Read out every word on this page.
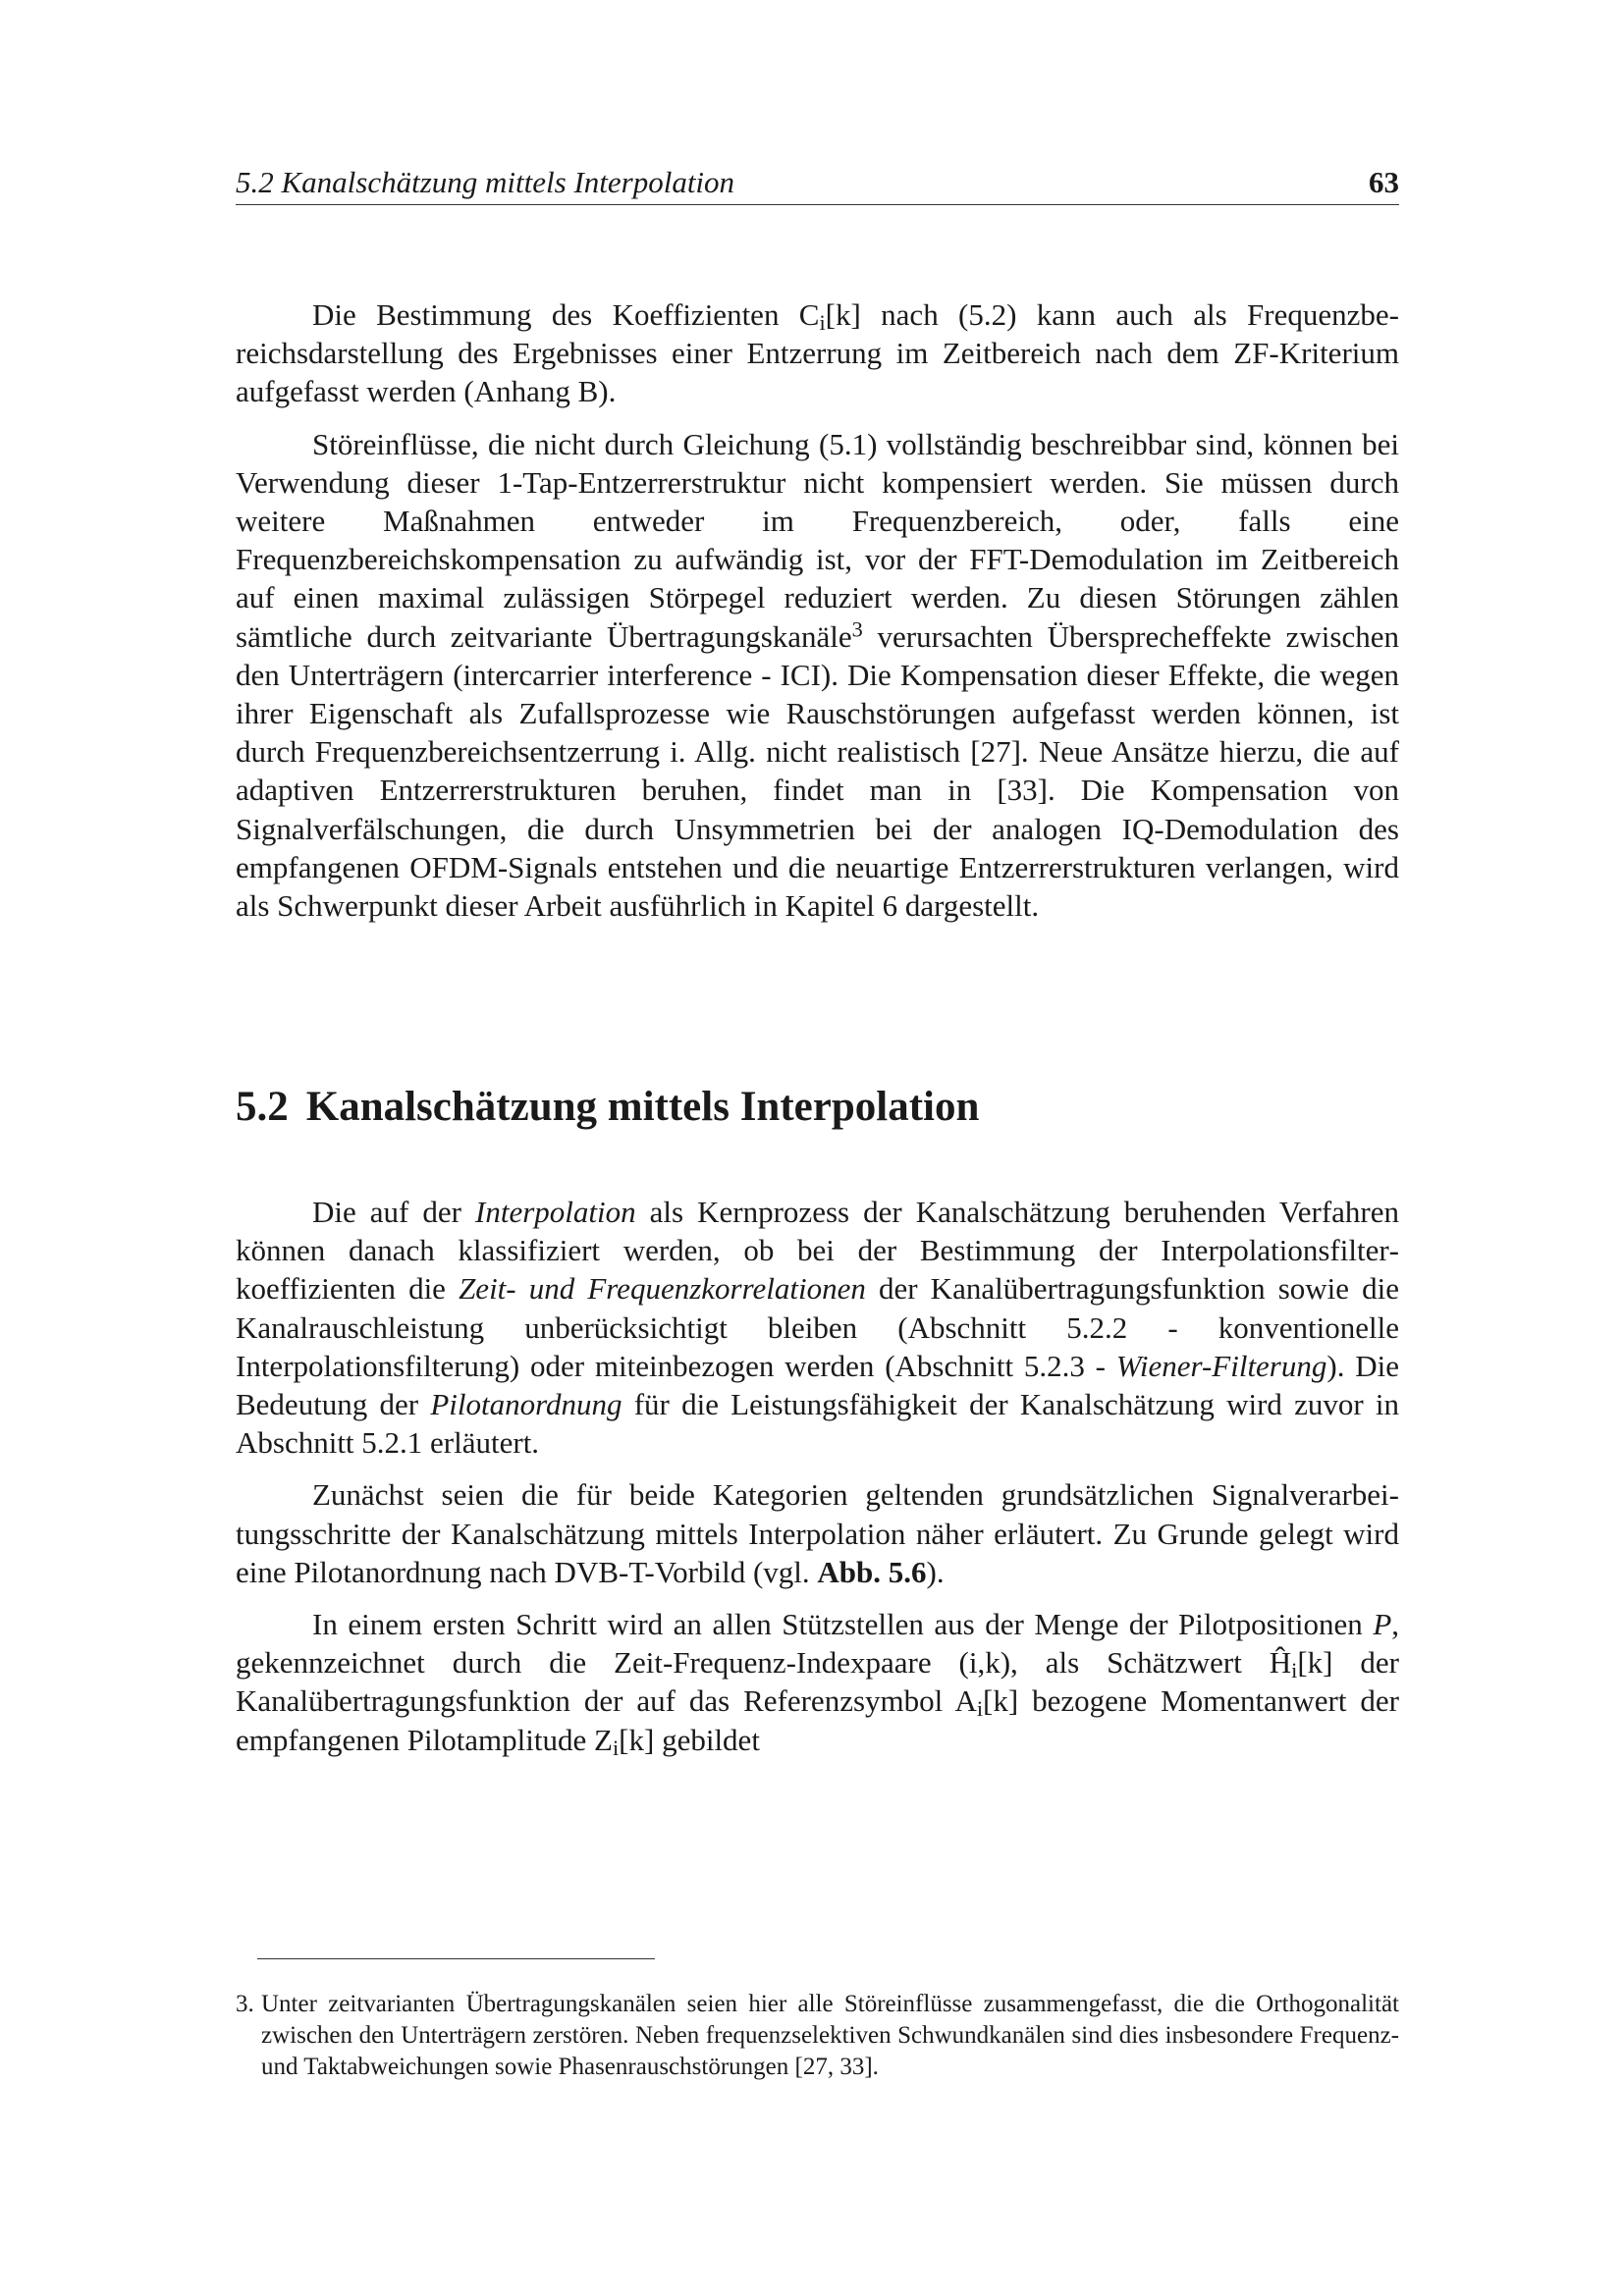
5.2 Kanalschätzung mittels Interpolation	63

Die Bestimmung des Koeffizienten $C_i[k]$ nach (5.2) kann auch als Frequenzbereichsdarstellung des Ergebnisses einer Entzerrung im Zeitbereich nach dem ZF-Kriterium aufgefasst werden (Anhang B).

Störeinflüsse, die nicht durch Gleichung (5.1) vollständig beschreibbar sind, können bei Verwendung dieser 1-Tap-Entzerrerstruktur nicht kompensiert werden. Sie müssen durch weitere Maßnahmen entweder im Frequenzbereich, oder, falls eine Frequenzbereichskompensation zu aufwändig ist, vor der FFT-Demodulation im Zeitbereich auf einen maximal zulässigen Störpegel reduziert werden. Zu diesen Störungen zählen sämtliche durch zeitvariante Übertragungskanäle$^3$ verursachten Übersprecheffekte zwischen den Unterträgern (intercarrier interference - ICI). Die Kompensation dieser Effekte, die wegen ihrer Eigenschaft als Zufallsprozesse wie Rauschstörungen aufgefasst werden können, ist durch Frequenzbereichsentzerrung i. Allg. nicht realistisch [27]. Neue Ansätze hierzu, die auf adaptiven Entzerrerstrukturen beruhen, findet man in [33]. Die Kompensation von Signalverfälschungen, die durch Unsymmetrien bei der analogen IQ-Demodulation des empfangenen OFDM-Signals entstehen und die neuartige Entzerrerstrukturen verlangen, wird als Schwerpunkt dieser Arbeit ausführlich in Kapitel 6 dargestellt.

5.2 Kanalschätzung mittels Interpolation

Die auf der Interpolation als Kernprozess der Kanalschätzung beruhenden Verfahren können danach klassifiziert werden, ob bei der Bestimmung der Interpolationsfilterkoeffizienten die Zeit- und Frequenzkorrelationen der Kanalübertragungsfunktion sowie die Kanalrauschleistung unberücksichtigt bleiben (Abschnitt 5.2.2 - konventionelle Interpolationsfilterung) oder miteinbezogen werden (Abschnitt 5.2.3 - Wiener-Filterung). Die Bedeutung der Pilotanordnung für die Leistungsfähigkeit der Kanalschätzung wird zuvor in Abschnitt 5.2.1 erläutert.

Zunächst seien die für beide Kategorien geltenden grundsätzlichen Signalverarbeitungsschritte der Kanalschätzung mittels Interpolation näher erläutert. Zu Grunde gelegt wird eine Pilotanordnung nach DVB-T-Vorbild (vgl. Abb. 5.6).

In einem ersten Schritt wird an allen Stützstellen aus der Menge der Pilotpositionen P, gekennzeichnet durch die Zeit-Frequenz-Indexpaare (i,k), als Schätzwert $Ĥ_i[k]$ der Kanalübertragungsfunktion der auf das Referenzsymbol $A_i[k]$ bezogene Momentanwert der empfangenen Pilotamplitude $Z_i[k]$ gebildet

3. Unter zeitvarianten Übertragungskanälen seien hier alle Störeinflüsse zusammengefasst, die die Orthogonalität zwischen den Unterträgern zerstören. Neben frequenzselektiven Schwundkanälen sind dies insbesondere Frequenz- und Taktabweichungen sowie Phasenrauschstörungen [27, 33].
